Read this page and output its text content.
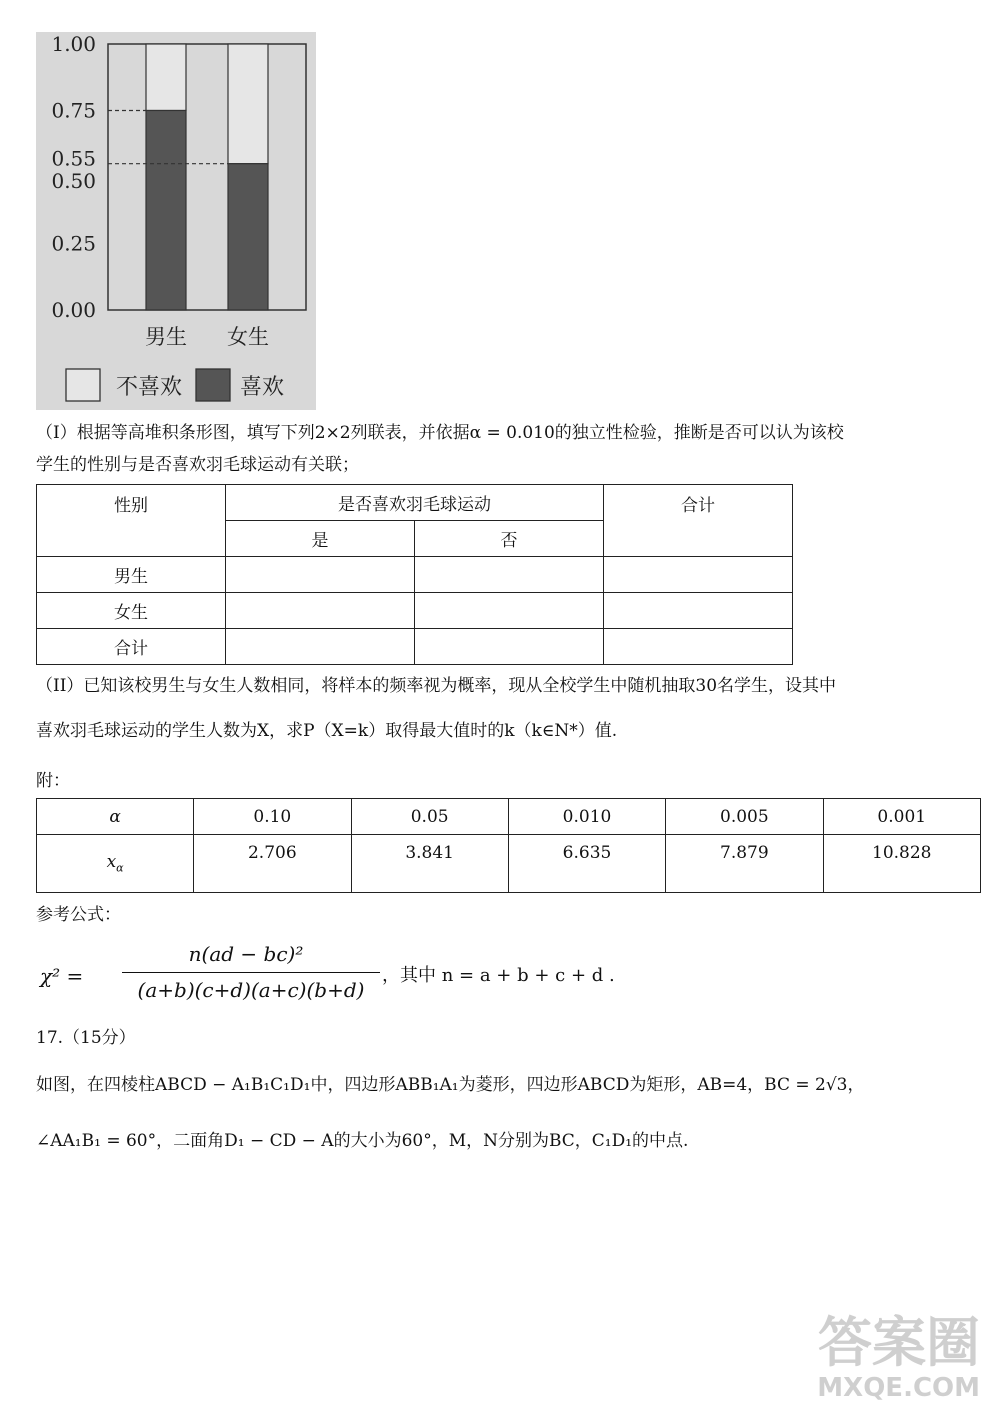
男生 女生
0.00
0.25
0.50
0.55
0.75
1.00
不喜欢	喜欢
（I）根据等高堆积条形图，填写下列2×2列联表，并依据α = 0.010的独立性检验，推断是否可以认为该校
学生的性别与是否喜欢羽毛球运动有关联；
性别	是否喜欢羽毛球运动		合计
	是	否	
男生			
女生			
合计			
（II）已知该校男生与女生人数相同，将样本的频率视为概率，现从全校学生中随机抽取30名学生，设其中
喜欢羽毛球运动的学生人数为X，求P（X=k）取得最大值时的k（k∈N*）值.
附：
α	0.10	0.05	0.010	0.005	0.001
$x_\alpha$	2.706	3.841	6.635	7.879	10.828
参考公式：
χ² =
n(ad − bc)²
(a+b)(c+d)(a+c)(b+d)
，其中 n = a + b + c + d .
17.（15分）
如图，在四棱柱ABCD − A₁B₁C₁D₁中，四边形ABB₁A₁为菱形，四边形ABCD为矩形，AB=4，BC = 2√3，
∠AA₁B₁ = 60°，二面角D₁ − CD − A的大小为60°，M，N分别为BC，C₁D₁的中点.
答案圈
MXQE.COM
